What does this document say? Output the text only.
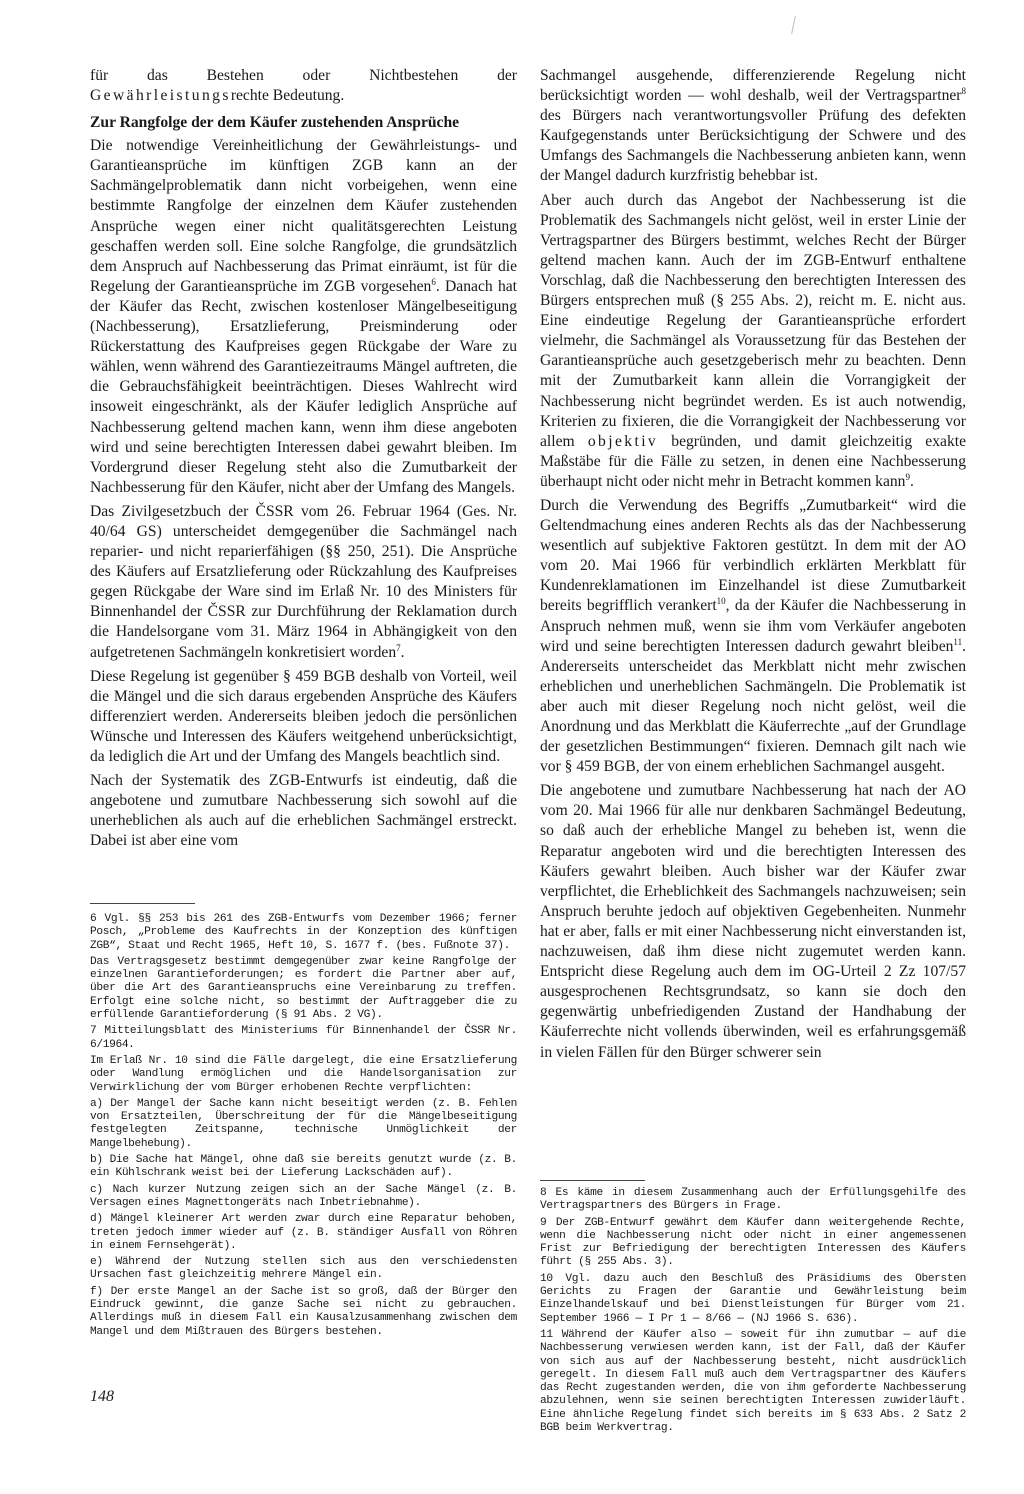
für das Bestehen oder Nichtbestehen der Gewährleistungsrechte Bedeutung.

Zur Rangfolge der dem Käufer zustehenden Ansprüche

Die notwendige Vereinheitlichung der Gewährleistungs- und Garantieansprüche im künftigen ZGB kann an der Sachmängelproblematik dann nicht vorbeigehen, wenn eine bestimmte Rangfolge der einzelnen dem Käufer zustehenden Ansprüche wegen einer nicht qualitätsgerechten Leistung geschaffen werden soll. Eine solche Rangfolge, die grundsätzlich dem Anspruch auf Nachbesserung das Primat einräumt, ist für die Regelung der Garantieansprüche im ZGB vorgesehen$^6$. Danach hat der Käufer das Recht, zwischen kostenloser Mängelbeseitigung (Nachbesserung), Ersatzlieferung, Preisminderung oder Rückerstattung des Kaufpreises gegen Rückgabe der Ware zu wählen, wenn während des Garantiezeitraums Mängel auftreten, die die Gebrauchsfähigkeit beeinträchtigen. Dieses Wahlrecht wird insoweit eingeschränkt, als der Käufer lediglich Ansprüche auf Nachbesserung geltend machen kann, wenn ihm diese angeboten wird und seine berechtigten Interessen dabei gewahrt bleiben. Im Vordergrund dieser Regelung steht also die Zumutbarkeit der Nachbesserung für den Käufer, nicht aber der Umfang des Mangels.

Das Zivilgesetzbuch der ČSSR vom 26. Februar 1964 (Ges. Nr. 40/64 GS) unterscheidet demgegenüber die Sachmängel nach reparier- und nicht reparierfähigen (§§ 250, 251). Die Ansprüche des Käufers auf Ersatzlieferung oder Rückzahlung des Kaufpreises gegen Rückgabe der Ware sind im Erlaß Nr. 10 des Ministers für Binnenhandel der ČSSR zur Durchführung der Reklamation durch die Handelsorgane vom 31. März 1964 in Abhängigkeit von den aufgetretenen Sachmängeln konkretisiert worden$^7$.

Diese Regelung ist gegenüber § 459 BGB deshalb von Vorteil, weil die Mängel und die sich daraus ergebenden Ansprüche des Käufers differenziert werden. Andererseits bleiben jedoch die persönlichen Wünsche und Interessen des Käufers weitgehend unberücksichtigt, da lediglich die Art und der Umfang des Mangels beachtlich sind.

Nach der Systematik des ZGB-Entwurfs ist eindeutig, daß die angebotene und zumutbare Nachbesserung sich sowohl auf die unerheblichen als auch auf die erheblichen Sachmängel erstreckt. Dabei ist aber eine vom

Sachmangel ausgehende, differenzierende Regelung nicht berücksichtigt worden — wohl deshalb, weil der Vertragspartner$^8$ des Bürgers nach verantwortungsvoller Prüfung des defekten Kaufgegenstands unter Berücksichtigung der Schwere und des Umfangs des Sachmangels die Nachbesserung anbieten kann, wenn der Mangel dadurch kurzfristig behebbar ist.

Aber auch durch das Angebot der Nachbesserung ist die Problematik des Sachmangels nicht gelöst, weil in erster Linie der Vertragspartner des Bürgers bestimmt, welches Recht der Bürger geltend machen kann. Auch der im ZGB-Entwurf enthaltene Vorschlag, daß die Nachbesserung den berechtigten Interessen des Bürgers entsprechen muß (§ 255 Abs. 2), reicht m. E. nicht aus. Eine eindeutige Regelung der Garantieansprüche erfordert vielmehr, die Sachmängel als Voraussetzung für das Bestehen der Garantieansprüche auch gesetzgeberisch mehr zu beachten. Denn mit der Zumutbarkeit kann allein die Vorrangigkeit der Nachbesserung nicht begründet werden. Es ist auch notwendig, Kriterien zu fixieren, die die Vorrangigkeit der Nachbesserung vor allem objektiv begründen, und damit gleichzeitig exakte Maßstäbe für die Fälle zu setzen, in denen eine Nachbesserung überhaupt nicht oder nicht mehr in Betracht kommen kann$^9$.

Durch die Verwendung des Begriffs „Zumutbarkeit“ wird die Geltendmachung eines anderen Rechts als das der Nachbesserung wesentlich auf subjektive Faktoren gestützt. In dem mit der AO vom 20. Mai 1966 für verbindlich erklärten Merkblatt für Kundenreklamationen im Einzelhandel ist diese Zumutbarkeit bereits begrifflich verankert$^{10}$, da der Käufer die Nachbesserung in Anspruch nehmen muß, wenn sie ihm vom Verkäufer angeboten wird und seine berechtigten Interessen dadurch gewahrt bleiben$^{11}$. Andererseits unterscheidet das Merkblatt nicht mehr zwischen erheblichen und unerheblichen Sachmängeln. Die Problematik ist aber auch mit dieser Regelung noch nicht gelöst, weil die Anordnung und das Merkblatt die Käuferrechte „auf der Grundlage der gesetzlichen Bestimmungen“ fixieren. Demnach gilt nach wie vor § 459 BGB, der von einem erheblichen Sachmangel ausgeht.

Die angebotene und zumutbare Nachbesserung hat nach der AO vom 20. Mai 1966 für alle nur denkbaren Sachmängel Bedeutung, so daß auch der erhebliche Mangel zu beheben ist, wenn die Reparatur angeboten wird und die berechtigten Interessen des Käufers gewahrt bleiben. Auch bisher war der Käufer zwar verpflichtet, die Erheblichkeit des Sachmangels nachzuweisen; sein Anspruch beruhte jedoch auf objektiven Gegebenheiten. Nunmehr hat er aber, falls er mit einer Nachbesserung nicht einverstanden ist, nachzuweisen, daß ihm diese nicht zugemutet werden kann. Entspricht diese Regelung auch dem im OG-Urteil 2 Zz 107/57 ausgesprochenen Rechtsgrundsatz, so kann sie doch den gegenwärtig unbefriedigenden Zustand der Handhabung der Käuferrechte nicht vollends überwinden, weil es erfahrungsgemäß in vielen Fällen für den Bürger schwerer sein

6 Vgl. §§ 253 bis 261 des ZGB-Entwurfs vom Dezember 1966; ferner Posch, „Probleme des Kaufrechts in der Konzeption des künftigen ZGB“, Staat und Recht 1965, Heft 10, S. 1677 f. (bes. Fußnote 37).

Das Vertragsgesetz bestimmt demgegenüber zwar keine Rangfolge der einzelnen Garantieforderungen; es fordert die Partner aber auf, über die Art des Garantieanspruchs eine Vereinbarung zu treffen. Erfolgt eine solche nicht, so bestimmt der Auftraggeber die zu erfüllende Garantieforderung (§ 91 Abs. 2 VG).

7 Mitteilungsblatt des Ministeriums für Binnenhandel der ČSSR Nr. 6/1964.

Im Erlaß Nr. 10 sind die Fälle dargelegt, die eine Ersatzlieferung oder Wandlung ermöglichen und die Handelsorganisation zur Verwirklichung der vom Bürger erhobenen Rechte verpflichten:

a) Der Mangel der Sache kann nicht beseitigt werden (z. B. Fehlen von Ersatzteilen, Überschreitung der für die Mängelbeseitigung festgelegten Zeitspanne, technische Unmöglichkeit der Mangelbehebung).

b) Die Sache hat Mängel, ohne daß sie bereits genutzt wurde (z. B. ein Kühlschrank weist bei der Lieferung Lackschäden auf).

c) Nach kurzer Nutzung zeigen sich an der Sache Mängel (z. B. Versagen eines Magnettongeräts nach Inbetriebnahme).

d) Mängel kleinerer Art werden zwar durch eine Reparatur behoben, treten jedoch immer wieder auf (z. B. ständiger Ausfall von Röhren in einem Fernsehgerät).

e) Während der Nutzung stellen sich aus den verschiedensten Ursachen fast gleichzeitig mehrere Mängel ein.

f) Der erste Mangel an der Sache ist so groß, daß der Bürger den Eindruck gewinnt, die ganze Sache sei nicht zu gebrauchen. Allerdings muß in diesem Fall ein Kausalzusammenhang zwischen dem Mangel und dem Mißtrauen des Bürgers bestehen.

8 Es käme in diesem Zusammenhang auch der Erfüllungsgehilfe des Vertragspartners des Bürgers in Frage.

9 Der ZGB-Entwurf gewährt dem Käufer dann weitergehende Rechte, wenn die Nachbesserung nicht oder nicht in einer angemessenen Frist zur Befriedigung der berechtigten Interessen des Käufers führt (§ 255 Abs. 3).

10 Vgl. dazu auch den Beschluß des Präsidiums des Obersten Gerichts zu Fragen der Garantie und Gewährleistung beim Einzelhandelskauf und bei Dienstleistungen für Bürger vom 21. September 1966 — I Pr 1 — 8/66 — (NJ 1966 S. 636).

11 Während der Käufer also — soweit für ihn zumutbar — auf die Nachbesserung verwiesen werden kann, ist der Fall, daß der Käufer von sich aus auf der Nachbesserung besteht, nicht ausdrücklich geregelt. In diesem Fall muß auch dem Vertragspartner des Käufers das Recht zugestanden werden, die von ihm geforderte Nachbesserung abzulehnen, wenn sie seinen berechtigten Interessen zuwiderläuft. Eine ähnliche Regelung findet sich bereits im § 633 Abs. 2 Satz 2 BGB beim Werkvertrag.

148
